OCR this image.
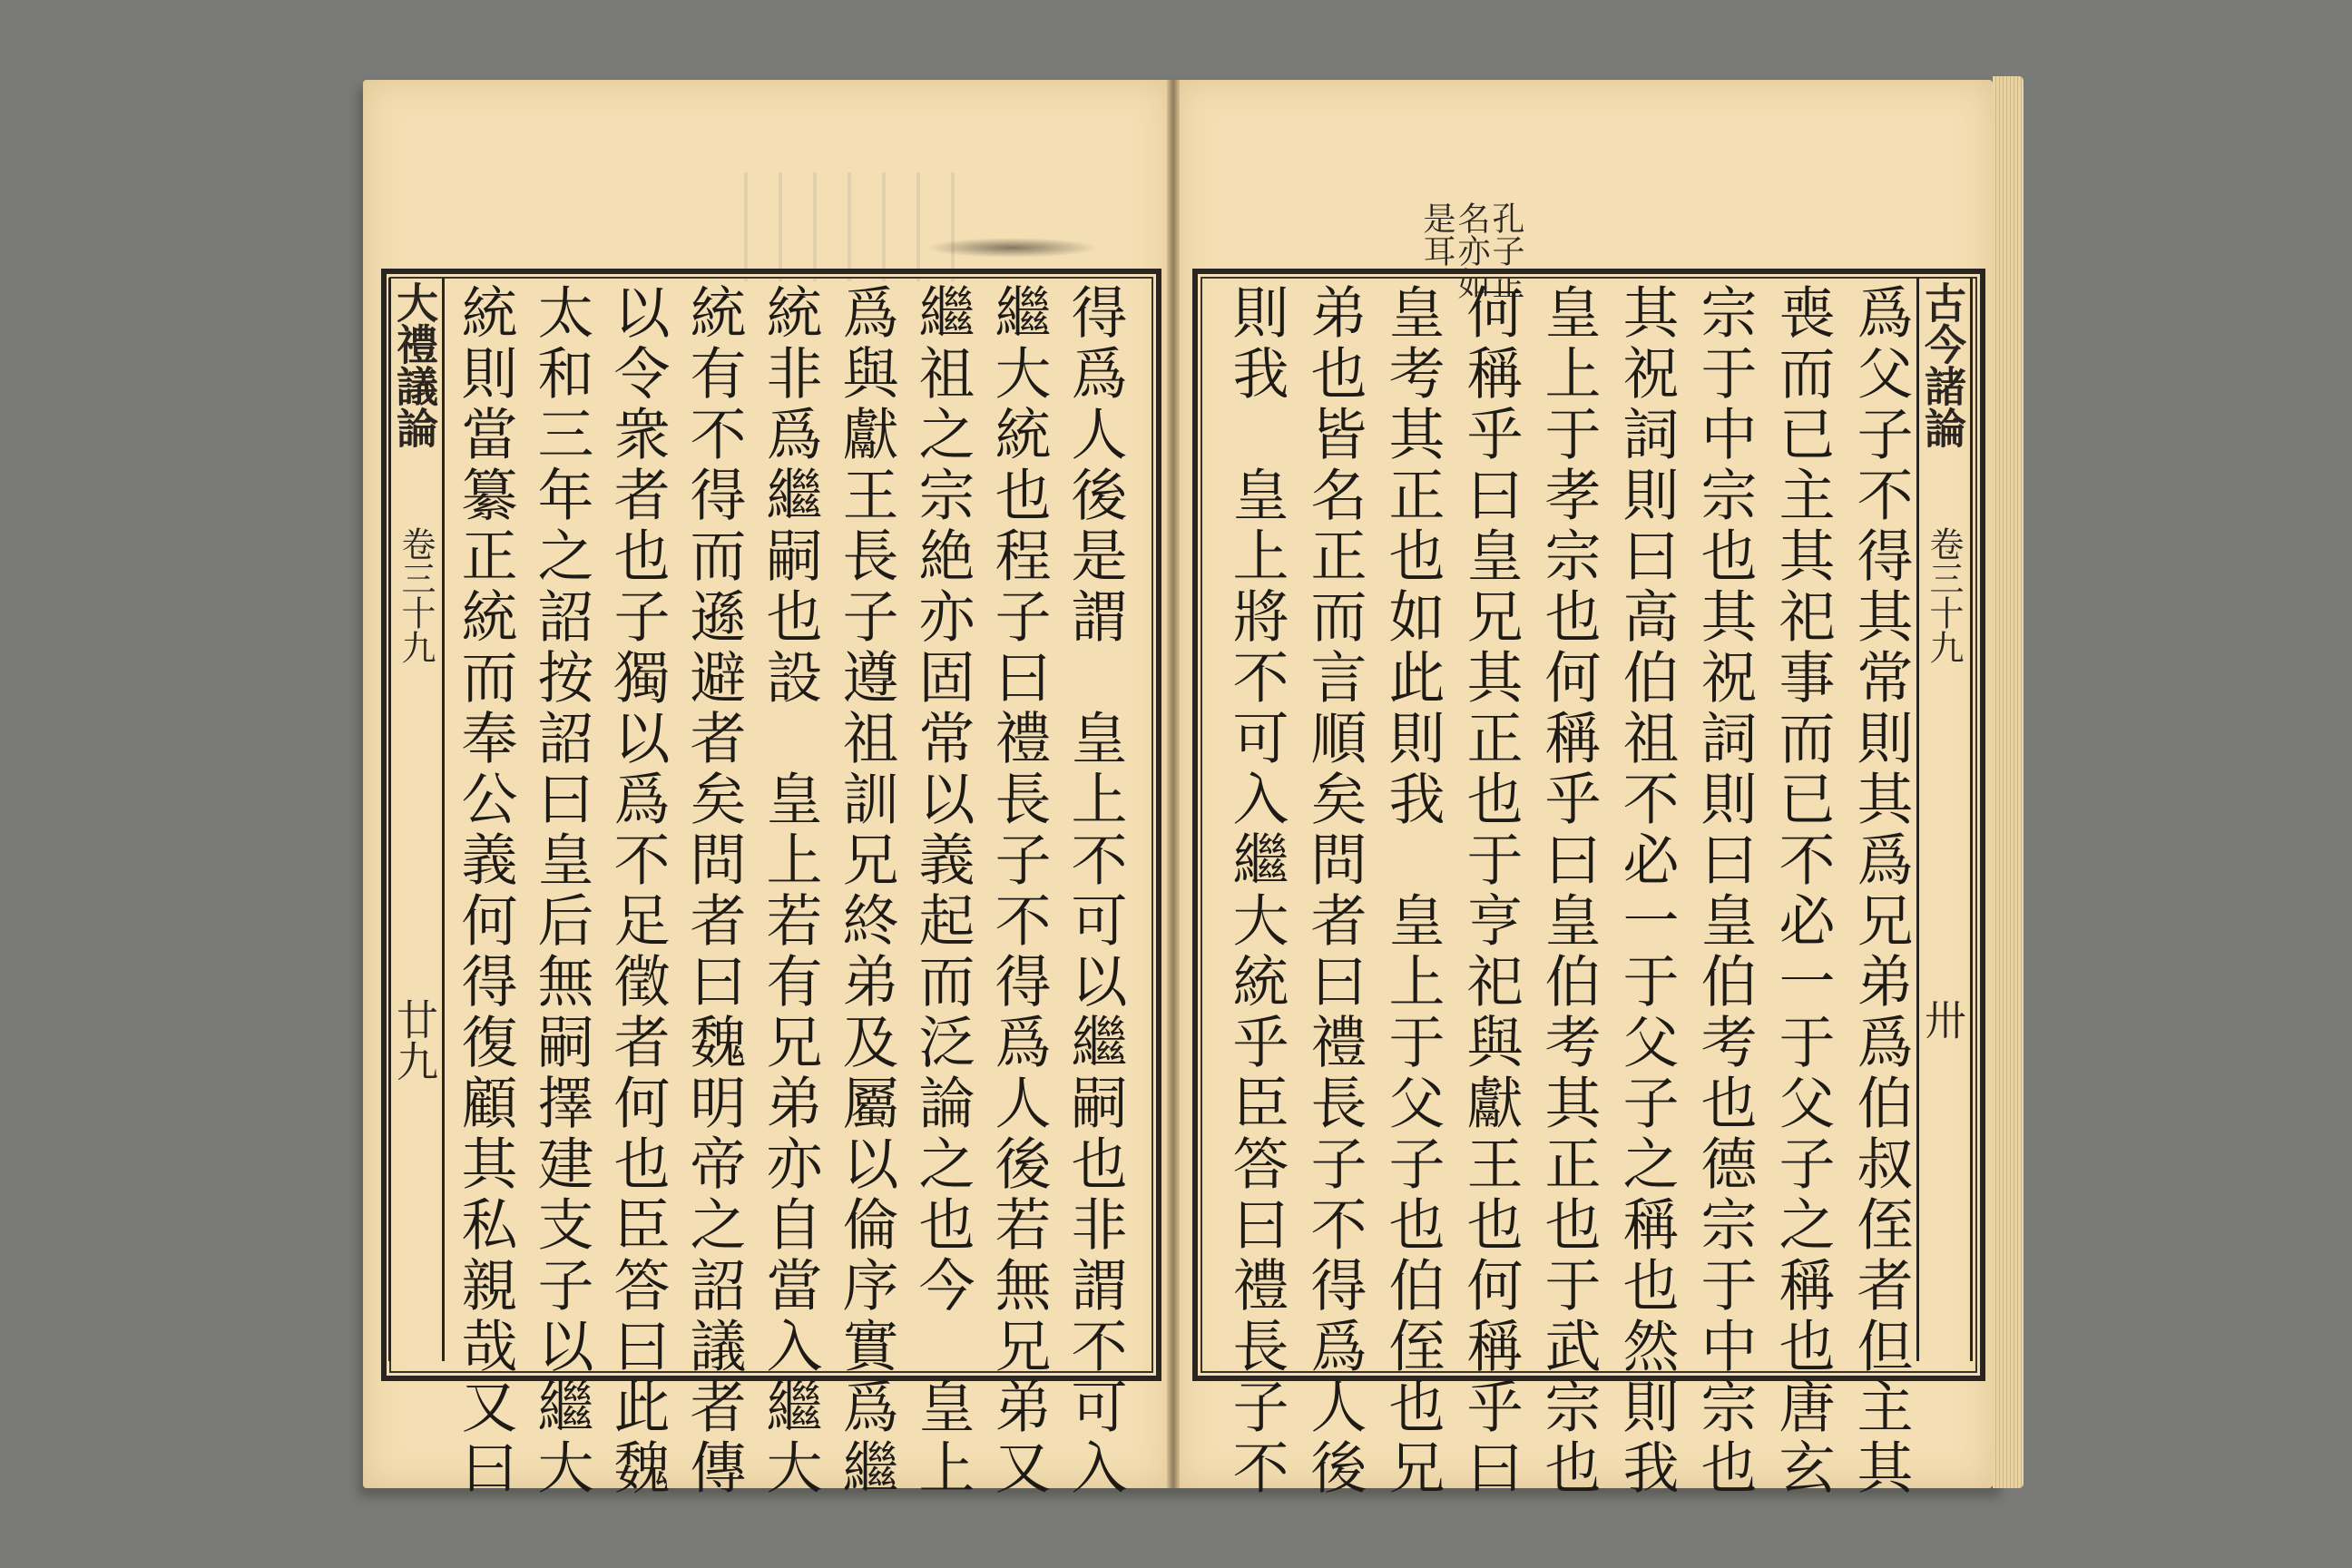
孔子正
名亦如
是耳
古今諸論
卷三十九
卅
爲父子不得其常則其爲兄弟爲伯叔侄者但主其
喪而已主其祀事而已不必一于父子之稱也唐玄
宗于中宗也其祝詞則曰皇伯考也德宗于中宗也
其祝詞則曰高伯祖不必一于父子之稱也然則我
皇上于孝宗也何稱乎曰皇伯考其正也于武宗也
何稱乎曰皇兄其正也于亨祀與獻王也何稱乎曰
皇考其正也如此則我　皇上于父子也伯侄也兄
弟也皆名正而言順矣問者曰禮長子不得爲人後
則我　皇上將不可入繼大統乎臣答曰禮長子不
得爲人後是謂　皇上不可以繼嗣也非謂不可入
繼大統也程子曰禮長子不得爲人後若無兄弟又
繼祖之宗絶亦固常以義起而泛論之也今　皇上
爲與獻王長子遵祖訓兄終弟及屬以倫序實爲繼
統非爲繼嗣也設　皇上若有兄弟亦自當入繼大
統有不得而遜避者矣問者曰魏明帝之詔議者傳
以令衆者也子獨以爲不足徵者何也臣答曰此魏
太和三年之詔按詔曰皇后無嗣擇建支子以繼大
統則當纂正統而奉公義何得復顧其私親哉又曰
大禮議論
卷三十九
廿九
